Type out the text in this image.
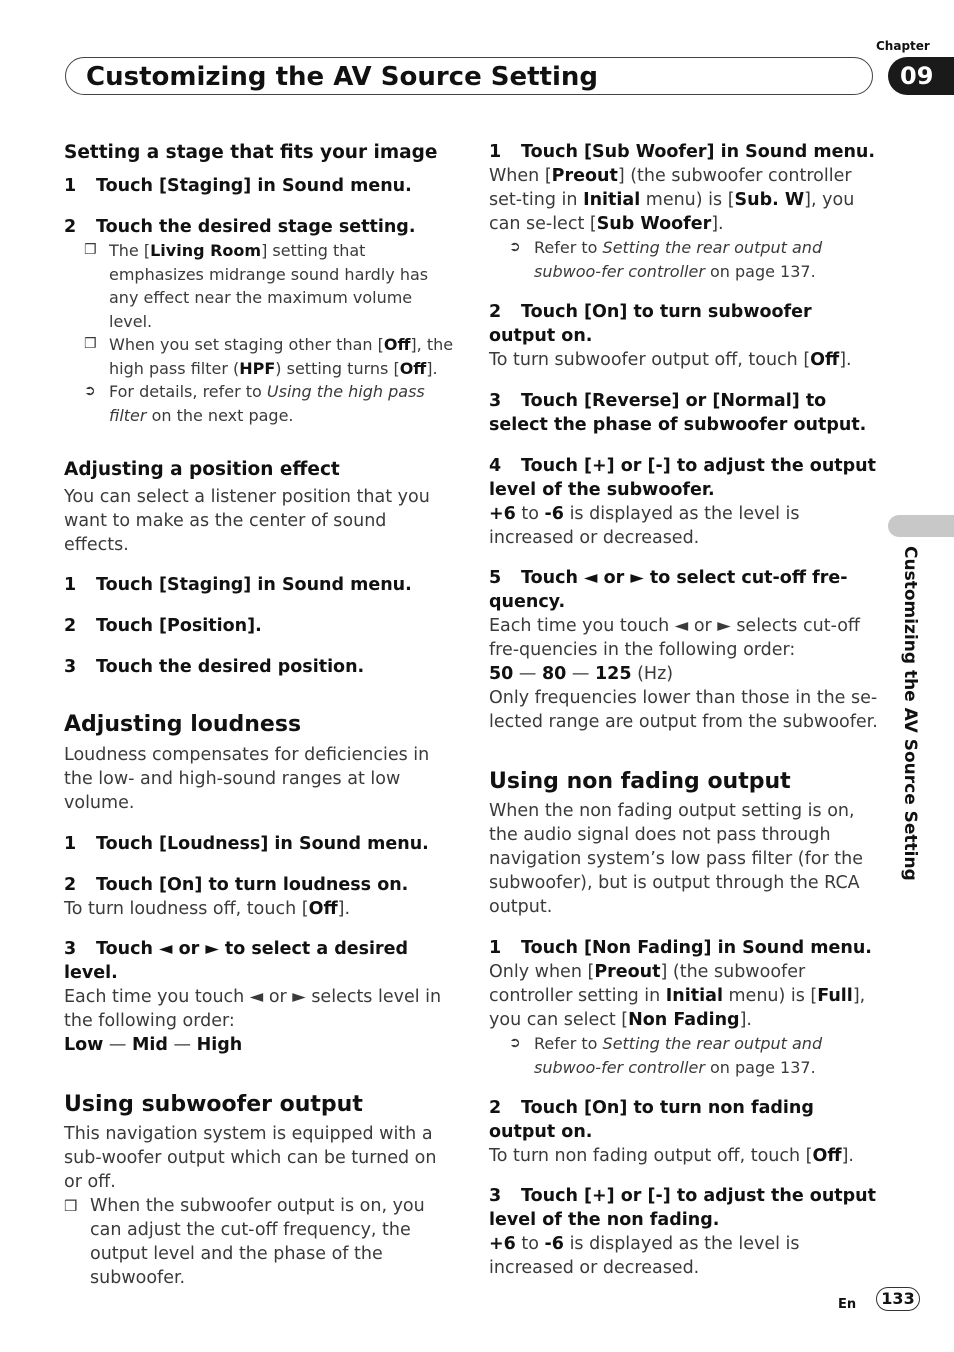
Chapter
Customizing the AV Source Setting	09
Customizing the AV Source Setting
Setting a stage that fits your image
1 Touch [Staging] in Sound menu.
2 Touch the desired stage setting.
❒ The [Living Room] setting that emphasizes midrange sound hardly has any effect near the maximum volume level.
❒ When you set staging other than [Off], the high pass filter (HPF) setting turns [Off].
➲ For details, refer to Using the high pass filter on the next page.
Adjusting a position effect

You can select a listener position that you want to make as the center of sound effects.

1 Touch [Staging] in Sound menu.
2 Touch [Position].
3 Touch the desired position.
Adjusting loudness

Loudness compensates for deficiencies in the low- and high-sound ranges at low volume.

1 Touch [Loudness] in Sound menu.
2 Touch [On] to turn loudness on.

To turn loudness off, touch [Off].

3 Touch ◄ or ► to select a desired level.

Each time you touch ◄ or ► selects level in the following order:

Low — Mid — High

Using subwoofer output

This navigation system is equipped with a sub-woofer output which can be turned on or off.

❒ When the subwoofer output is on, you can adjust the cut-off frequency, the output level and the phase of the subwoofer.
1 Touch [Sub Woofer] in Sound menu.

When [Preout] (the subwoofer controller set-ting in Initial menu) is [Sub. W], you can se-lect [Sub Woofer].

➲ Refer to Setting the rear output and subwoo-fer controller on page 137.
2 Touch [On] to turn subwoofer output on.

To turn subwoofer output off, touch [Off].

3 Touch [Reverse] or [Normal] to select the phase of subwoofer output.
4 Touch [+] or [-] to adjust the output level of the subwoofer.

+6 to -6 is displayed as the level is increased or decreased.

5 Touch ◄ or ► to select cut-off fre-quency.

Each time you touch ◄ or ► selects cut-off fre-quencies in the following order:

50 — 80 — 125 (Hz)

Only frequencies lower than those in the se-lected range are output from the subwoofer.

Using non fading output

When the non fading output setting is on, the audio signal does not pass through navigation system’s low pass filter (for the subwoofer), but is output through the RCA output.

1 Touch [Non Fading] in Sound menu.

Only when [Preout] (the subwoofer controller setting in Initial menu) is [Full], you can select [Non Fading].

➲ Refer to Setting the rear output and subwoo-fer controller on page 137.
2 Touch [On] to turn non fading output on.

To turn non fading output off, touch [Off].

3 Touch [+] or [-] to adjust the output level of the non fading.

+6 to -6 is displayed as the level is increased or decreased.

En	133
